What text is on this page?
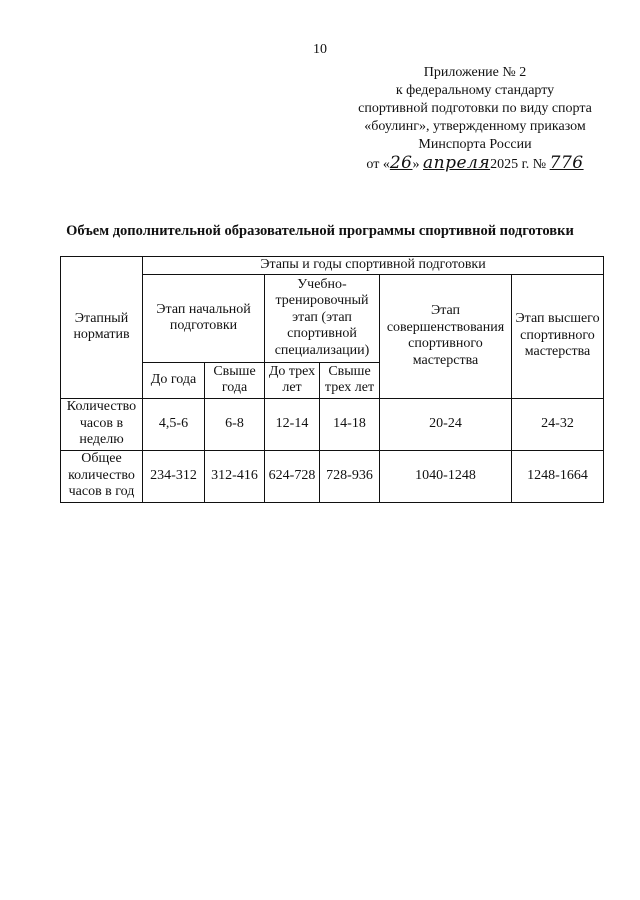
10
Приложение № 2
к федеральному стандарту
спортивной подготовки по виду спорта
«боулинг», утвержденному приказом
Минспорта России
от «26» апреля2025 г. № 776
Объем дополнительной образовательной программы спортивной подготовки
Этапный норматив	Этапы и годы спортивной подготовки					
	Этап начальной подготовки		Учебно-тренировочный этап (этап спортивной специализации)		Этап совершенствования спортивного мастерства	Этап высшего спортивного мастерства
	До года	Свыше года	До трех лет	Свыше трех лет		
Количество часов в неделю	4,5-6	6-8	12-14	14-18	20-24	24-32
Общее количество часов в год	234-312	312-416	624-728	728-936	1040-1248	1248-1664
